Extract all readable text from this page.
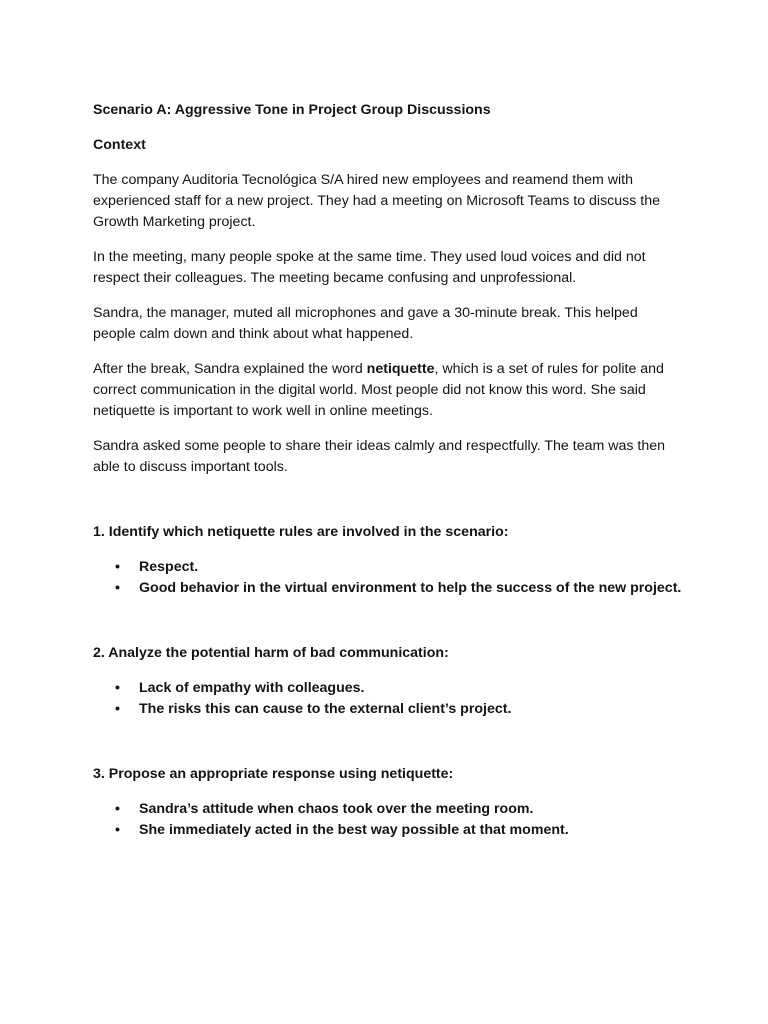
Scenario A: Aggressive Tone in Project Group Discussions

Context

The company Auditoria Tecnológica S/A hired new employees and reamend them with experienced staff for a new project. They had a meeting on Microsoft Teams to discuss the Growth Marketing project.

In the meeting, many people spoke at the same time. They used loud voices and did not respect their colleagues. The meeting became confusing and unprofessional.

Sandra, the manager, muted all microphones and gave a 30-minute break. This helped people calm down and think about what happened.

After the break, Sandra explained the word netiquette, which is a set of rules for polite and correct communication in the digital world. Most people did not know this word. She said netiquette is important to work well in online meetings.

Sandra asked some people to share their ideas calmly and respectfully. The team was then able to discuss important tools.

1. Identify which netiquette rules are involved in the scenario:

• Respect.
• Good behavior in the virtual environment to help the success of the new project.

2. Analyze the potential harm of bad communication:

• Lack of empathy with colleagues.
• The risks this can cause to the external client’s project.

3. Propose an appropriate response using netiquette:

• Sandra’s attitude when chaos took over the meeting room.
• She immediately acted in the best way possible at that moment.
